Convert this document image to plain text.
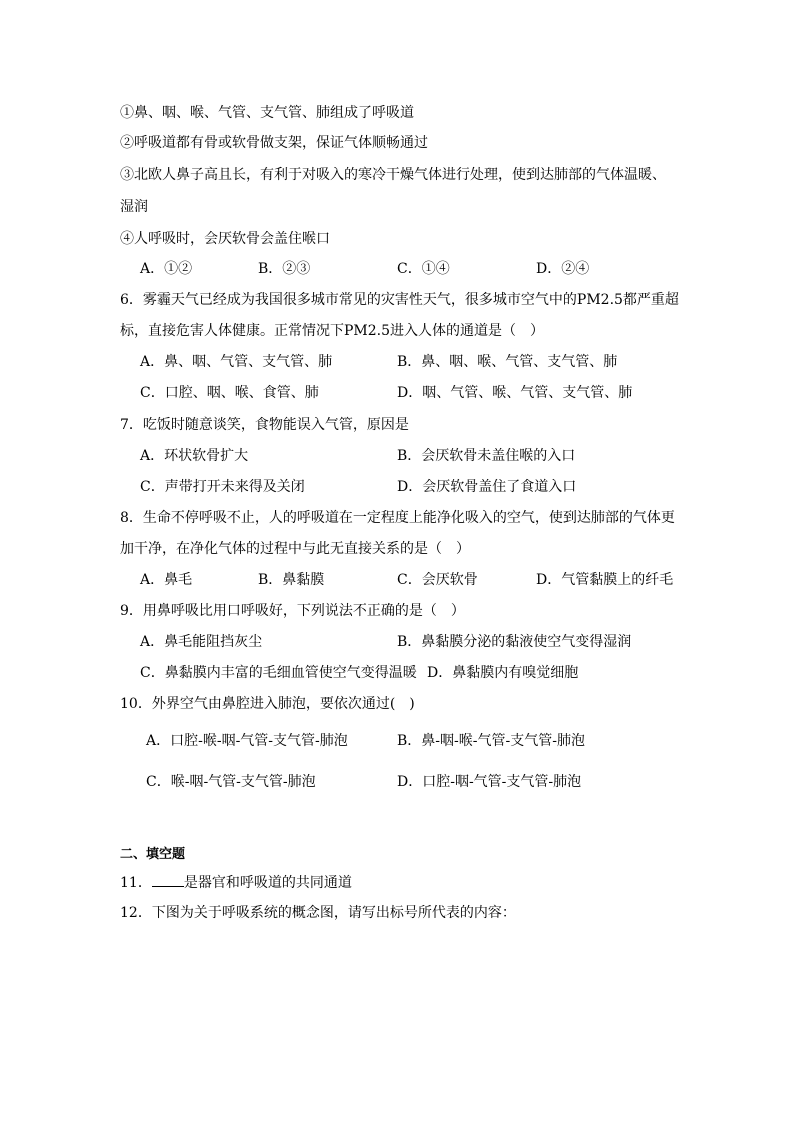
①鼻、咽、喉、气管、支气管、肺组成了呼吸道
②呼吸道都有骨或软骨做支架，保证气体顺畅通过
③北欧人鼻子高且长，有利于对吸入的寒冷干燥气体进行处理，使到达肺部的气体温暖、
湿润
④人呼吸时，会厌软骨会盖住喉口
A．①②	B．②③	C．①④	D．②④
6．雾霾天气已经成为我国很多城市常见的灾害性天气，很多城市空气中的PM2.5都严重超
标，直接危害人体健康。正常情况下PM2.5进入人体的通道是（　）
A．鼻、咽、气管、支气管、肺	B．鼻、咽、喉、气管、支气管、肺
C．口腔、咽、喉、食管、肺	D．咽、气管、喉、气管、支气管、肺
7．吃饭时随意谈笑，食物能误入气管，原因是
A．环状软骨扩大	B．会厌软骨未盖住喉的入口
C．声带打开未来得及关闭	D．会厌软骨盖住了食道入口
8．生命不停呼吸不止，人的呼吸道在一定程度上能净化吸入的空气，使到达肺部的气体更
加干净，在净化气体的过程中与此无直接关系的是（　）
A．鼻毛	B．鼻黏膜	C．会厌软骨	D．气管黏膜上的纤毛
9．用鼻呼吸比用口呼吸好，下列说法不正确的是（　）
A．鼻毛能阻挡灰尘	B．鼻黏膜分泌的黏液使空气变得湿润
C．鼻黏膜内丰富的毛细血管使空气变得温暖 D．鼻黏膜内有嗅觉细胞
10．外界空气由鼻腔进入肺泡，要依次通过(　)
A．口腔-喉-咽-气管-支气管-肺泡	B．鼻-咽-喉-气管-支气管-肺泡
C．喉-咽-气管-支气管-肺泡	D．口腔-咽-气管-支气管-肺泡
二、填空题
11． 是器官和呼吸道的共同通道
12．下图为关于呼吸系统的概念图，请写出标号所代表的内容：
